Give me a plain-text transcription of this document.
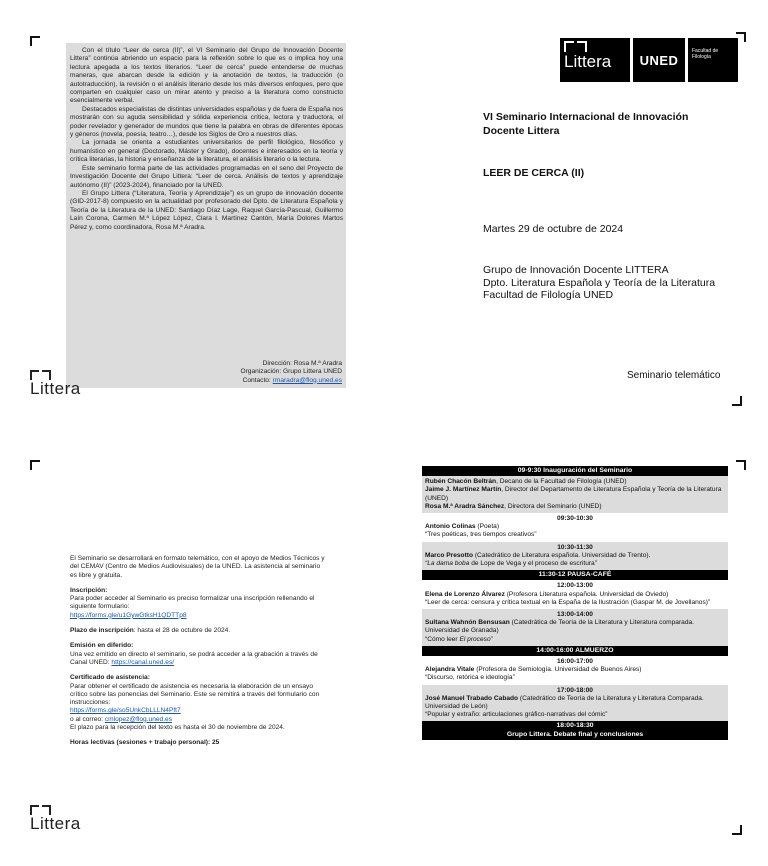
Con el título “Leer de cerca (II)”, el VI Seminario del Grupo de Innovación Docente Littera” continúa abriendo un espacio para la reflexión sobre lo que es o implica hoy una lectura apegada a los textos literarios. “Leer de cerca” puede entenderse de muchas maneras, que abarcan desde la edición y la anotación de textos, la traducción (o autotraducción), la revisión o el análisis literario desde los más diversos enfoques, pero que comparten en cualquier caso un mirar atento y preciso a la literatura como constructo esencialmente verbal.

Destacados especialistas de distintas universidades españolas y de fuera de España nos mostrarán con su aguda sensibilidad y sólida experiencia crítica, lectora y traductora, el poder revelador y generador de mundos que tiene la palabra en obras de diferentes épocas y géneros (novela, poesía, teatro…), desde los Siglos de Oro a nuestros días.

La jornada se orienta a estudiantes universitarios de perfil filológico, filosófico y humanístico en general (Doctorado, Máster y Grado), docentes e interesados en la teoría y crítica literarias, la historia y enseñanza de la literatura, el análisis literario o la lectura.

Este seminario forma parte de las actividades programadas en el seno del Proyecto de Investigación Docente del Grupo Littera: “Leer de cerca. Análisis de textos y aprendizaje autónomo (II)” (2023-2024), financiado por la UNED.

El Grupo Littera (“Literatura, Teoría y Aprendizaje”) es un grupo de innovación docente (GID-2017-8) compuesto en la actualidad por profesorado del Dpto. de Literatura Española y Teoría de la Literatura de la UNED: Santiago Díaz Lage, Raquel García-Pascual, Guillermo Laín Corona, Carmen M.ª López López, Clara I. Martínez Cantón, María Dolores Martos Pérez y, como coordinadora, Rosa M.ª Aradra.

Dirección: Rosa M.ª Aradra
Organización: Grupo Littera UNED
Contacto: rmaradra@flog.uned.es
Littera
Littera
Littera	UNED
Facultad de Filología
VI Seminario Internacional de Innovación Docente Littera
LEER DE CERCA (II)
Martes 29 de octubre de 2024
Grupo de Innovación Docente LITTERA
Dpto. Literatura Española y Teoría de la Literatura
Facultad de Filología UNED
Seminario telemático

El Seminario se desarrollará en formato telemático, con el apoyo de Medios Técnicos y del CEMAV (Centro de Medios Audiovisuales) de la UNED. La asistencia al seminario es libre y gratuita.

Inscripción:

Para poder acceder al Seminario es preciso formalizar una inscripción rellenando el siguiente formulario:

https://forms.gle/u1GywGtksH1QDTTp8

Plazo de inscripción: hasta el 28 de octubre de 2024.

Emisión en diferido:

Una vez emitido en directo el seminario, se podrá acceder a la grabación a través de Canal UNED: https://canal.uned.es/

Certificado de asistencia:

Parar obtener el certificado de asistencia es necesaria la elaboración de un ensayo crítico sobre las ponencias del Seminario. Este se remitirá a través del formulario con instrucciones:

https://forms.gle/so5UnkCbLLLN4Pft7

o al correo: cmlopez@flog.uned.es

El plazo para la recepción del texto es hasta el 30 de noviembre de 2024.

Horas lectivas (sesiones + trabajo personal): 25

09-9:30 Inauguración del Seminario
Rubén Chacón Beltrán, Decano de la Facultad de Filología (UNED)
Jaime J. Martínez Martín, Director del Departamento de Literatura Española y Teoría de la Literatura (UNED)
Rosa M.ª Aradra Sánchez, Directora del Seminario (UNED)
09:30-10:30
Antonio Colinas (Poeta)
“Tres poéticas, tres tiempos creativos”
10:30-11:30
Marco Presotto (Catedrático de Literatura española. Universidad de Trento).
“La dama boba de Lope de Vega y el proceso de escritura”
11:30-12 PAUSA-CAFÉ
12:00-13:00
Elena de Lorenzo Álvarez (Profesora Literatura española. Universidad de Oviedo)
“Leer de cerca: censura y crítica textual en la España de la Ilustración (Gaspar M. de Jovellanos)”
13:00-14:00
Sultana Wahnón Bensusan (Catedrática de Teoría de la Literatura y Literatura comparada. Universidad de Granada)
“Cómo leer El proceso”
14:00-16:00 ALMUERZO
16:00-17:00
Alejandra Vitale (Profesora de Semiología. Universidad de Buenos Aires)
“Discurso, retórica e ideología”
17:00-18:00
José Manuel Trabado Cabado (Catedrático de Teoría de la Literatura y Literatura Comparada. Universidad de León)
“Popular y extraño: articulaciones gráfico-narrativas del cómic”
18:00-18:30
Grupo Littera. Debate final y conclusiones
